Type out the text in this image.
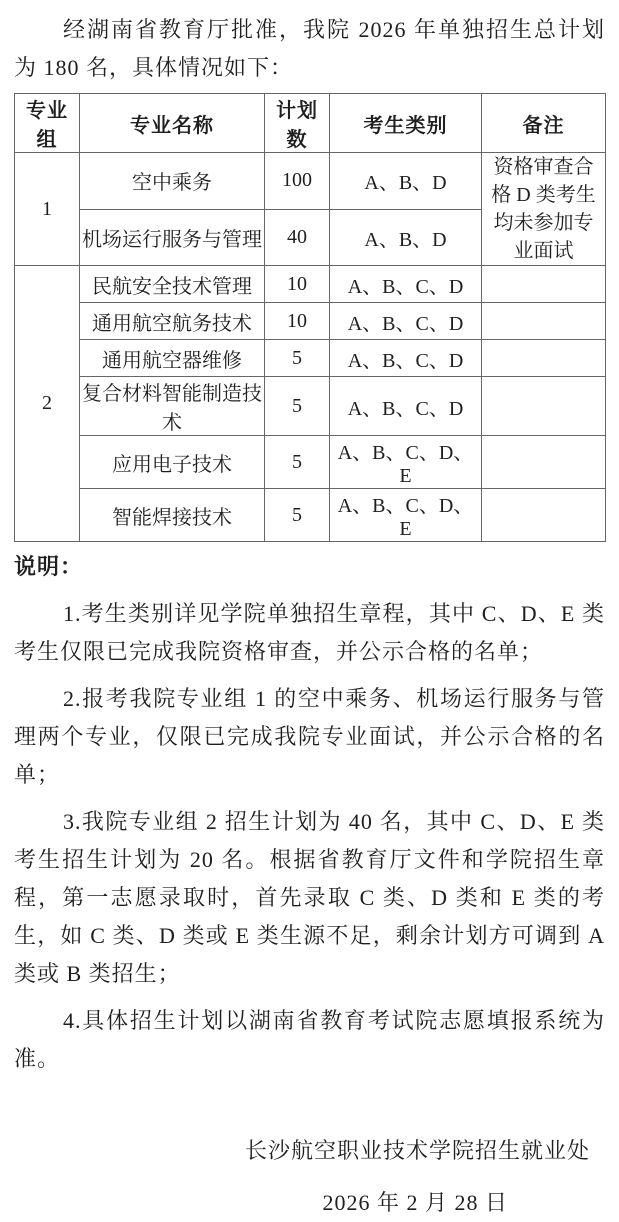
经湖南省教育厅批准，我院 2026 年单独招生总计划为 180 名，具体情况如下：

专业组	专业名称	计划数	考生类别	备注
1	空中乘务	100	A、B、D	资格审查合格 D 类考生均未参加专业面试
	机场运行服务与管理	40	A、B、D	
2	民航安全技术管理	10	A、B、C、D	
	通用航空航务技术	10	A、B、C、D	
	通用航空器维修	5	A、B、C、D	
	复合材料智能制造技术	5	A、B、C、D	
	应用电子技术	5	A、B、C、D、E	
	智能焊接技术	5	A、B、C、D、E	

说明：

1.考生类别详见学院单独招生章程，其中 C、D、E 类考生仅限已完成我院资格审查，并公示合格的名单；

2.报考我院专业组 1 的空中乘务、机场运行服务与管理两个专业，仅限已完成我院专业面试，并公示合格的名单；

3.我院专业组 2 招生计划为 40 名，其中 C、D、E 类考生招生计划为 20 名。根据省教育厅文件和学院招生章程，第一志愿录取时，首先录取 C 类、D 类和 E 类的考生，如 C 类、D 类或 E 类生源不足，剩余计划方可调到 A 类或 B 类招生；

4.具体招生计划以湖南省教育考试院志愿填报系统为准。

长沙航空职业技术学院招生就业处

2026 年 2 月 28 日
